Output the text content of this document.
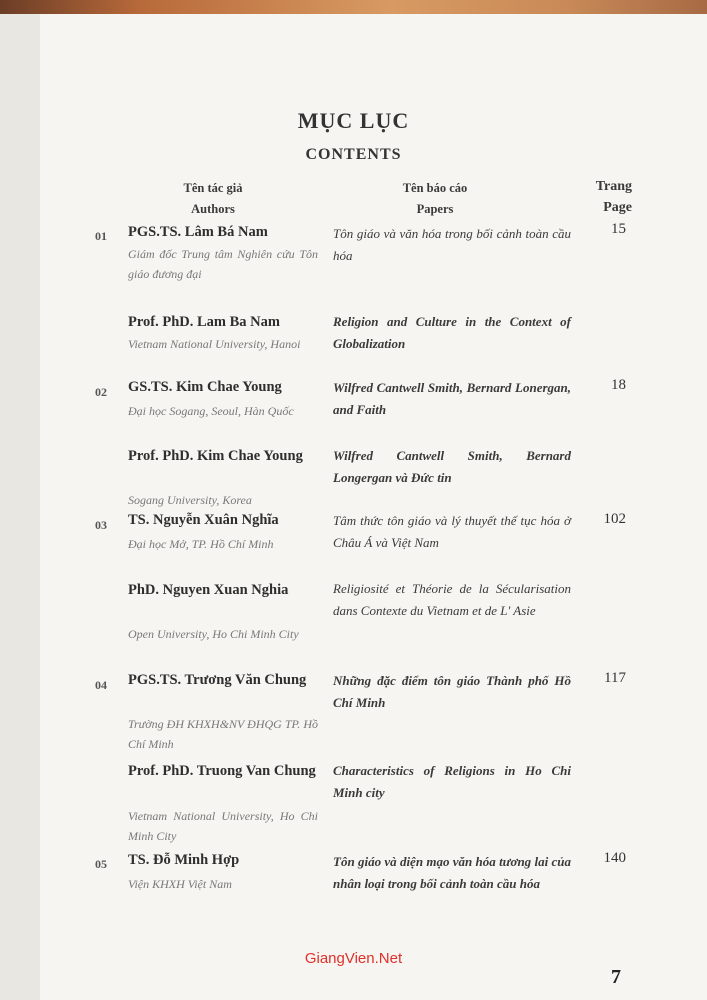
MỤC LỤC
CONTENTS
Tên tác giả
Authors
Tên báo cáo
Papers
Trang
Page
01 PGS.TS. Lâm Bá Nam
Giám đốc Trung tâm Nghiên cứu Tôn giáo đương đại
Tôn giáo và văn hóa trong bối cảnh toàn cầu hóa
15
Prof. PhD. Lam Ba Nam
Vietnam National University, Hanoi
Religion and Culture in the Context of Globalization
02 GS.TS. Kim Chae Young
Đại học Sogang, Seoul, Hàn Quốc
Wilfred Cantwell Smith, Bernard Lonergan, and Faith
18
Prof. PhD. Kim Chae Young
Sogang University, Korea
Wilfred Cantwell Smith, Bernard Longergan và Đức tin
03 TS. Nguyễn Xuân Nghĩa
Đại học Mở, TP. Hồ Chí Minh
Tâm thức tôn giáo và lý thuyết thế tục hóa ở Châu Á và Việt Nam
102
PhD. Nguyen Xuan Nghia
Open University, Ho Chi Minh City
Religiosité et Théorie de la Sécularisation dans Contexte du Vietnam et de L' Asie
04 PGS.TS. Trương Văn Chung
Trường ĐH KHXH&NV ĐHQG TP. Hồ Chí Minh
Những đặc điểm tôn giáo Thành phố Hồ Chí Minh
117
Prof. PhD. Truong Van Chung
Vietnam National University, Ho Chi Minh City
Characteristics of Religions in Ho Chi Minh city
05 TS. Đỗ Minh Hợp
Viện KHXH Việt Nam
Tôn giáo và diện mạo văn hóa tương lai của nhân loại trong bối cảnh toàn cầu hóa
140
GiangVien.Net
7
